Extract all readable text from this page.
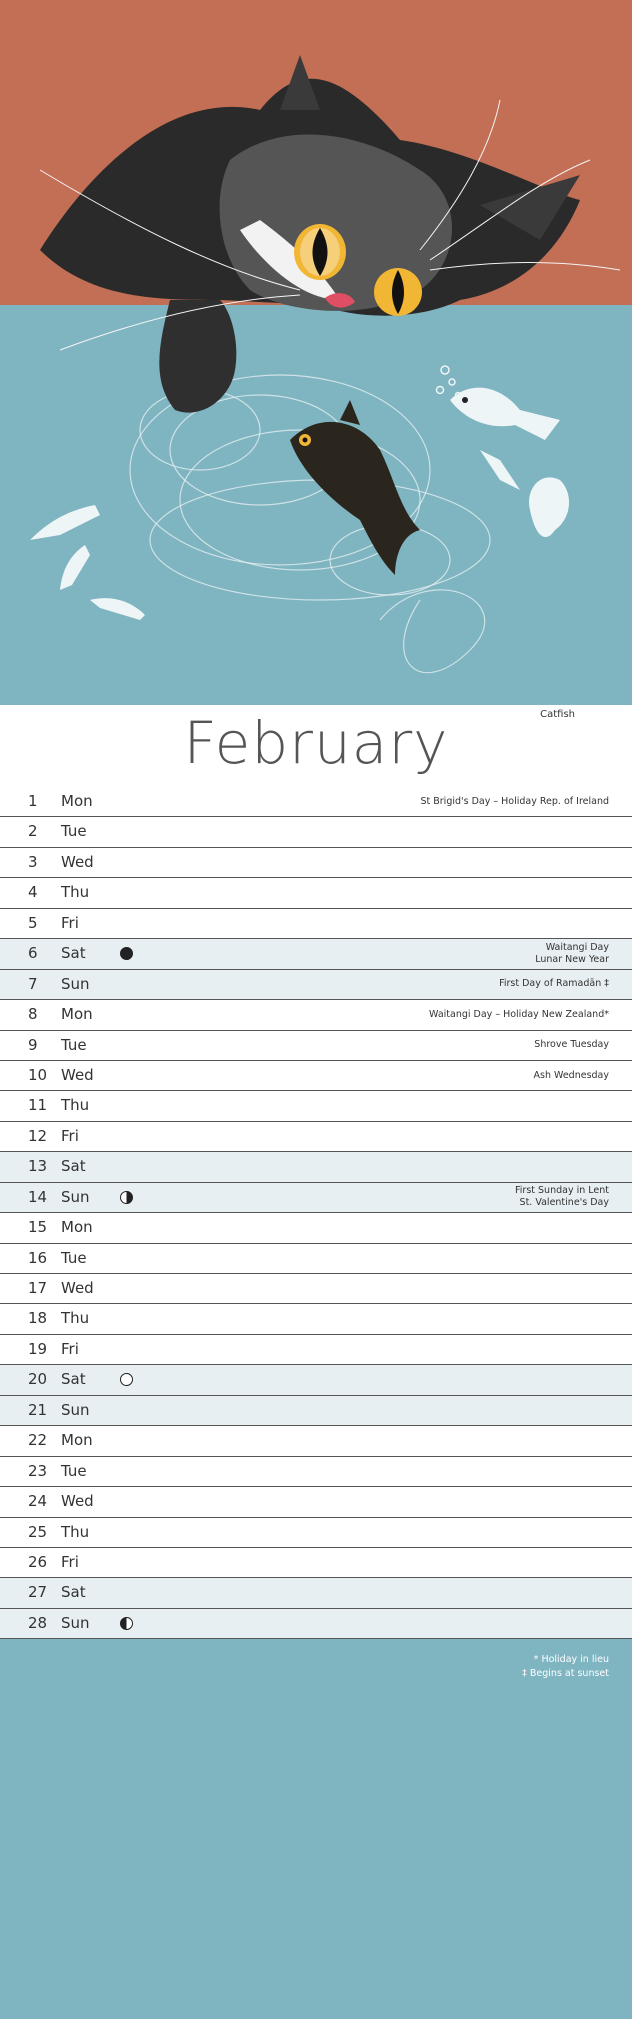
February	Catfish
1 Mon	St Brigid's Day – Holiday Rep. of Ireland
2 Tue
3 Wed
4 Thu
5 Fri
6 Sat	Waitangi Day
Lunar New Year
7 Sun	First Day of Ramadān ‡
8 Mon	Waitangi Day – Holiday New Zealand*
9 Tue	Shrove Tuesday
10 Wed	Ash Wednesday
11 Thu
12 Fri
13 Sat
14 Sun	First Sunday in Lent
St. Valentine's Day
15 Mon
16 Tue
17 Wed
18 Thu
19 Fri
20 Sat
21 Sun
22 Mon
23 Tue
24 Wed
25 Thu
26 Fri
27 Sat
28 Sun
* Holiday in lieu
‡ Begins at sunset
